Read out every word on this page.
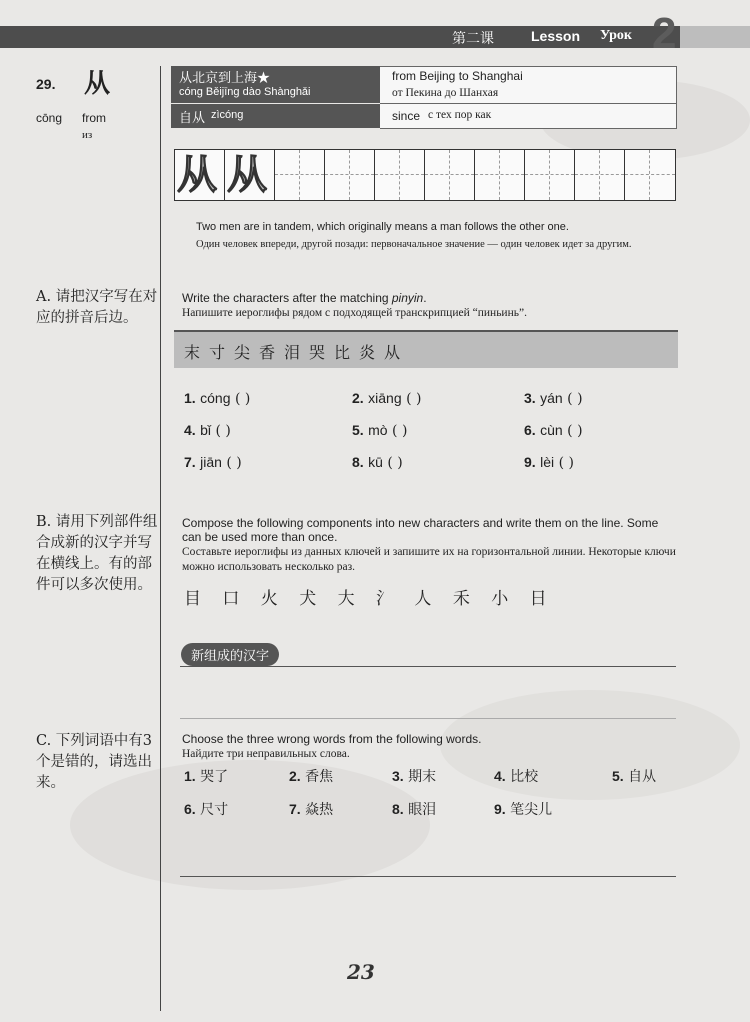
第二课	Lesson Урок 2
29. 从
cōng from
из
从北京到上海★
cóng Běijīng dào Shànghǎi
from Beijing to Shanghai
от Пекина до Шанхая
自从 zìcóng	since с тех пор как
从 从
Two men are in tandem, which originally means a man follows the other one.
Один человек впереди, другой позади: первоначальное значение — один человек идет за другим.
A. 请把汉字写在对应的拼音后边。
Write the characters after the matching pinyin.
Напишите иероглифы рядом с подходящей транскрипцией “пиньинь”.
末寸尖香泪哭比炎从
1. cóng ( )	2. xiāng ( )	3. yán ( )
4. bǐ ( )	5. mò ( )	6. cùn ( )
7. jiān ( )	8. kū ( )	9. lèi ( )
B. 请用下列部件组合成新的汉字并写在横线上。有的部件可以多次使用。
Compose the following components into new characters and write them on the line. Some can be used more than once.
Составьте иероглифы из данных ключей и запишите их на горизонтальной линии. Некоторые ключи можно использовать несколько раз.
目 口 火 犬 大 氵 人 禾 小 日
新组成的汉字
C. 下列词语中有3个是错的，请选出来。
Choose the three wrong words from the following words.
Найдите три неправильных слова.
1. 哭了	2. 香焦	3. 期末	4. 比校	5. 自从
6. 尺寸	7. 焱热	8. 眼泪	9. 笔尖儿
23
